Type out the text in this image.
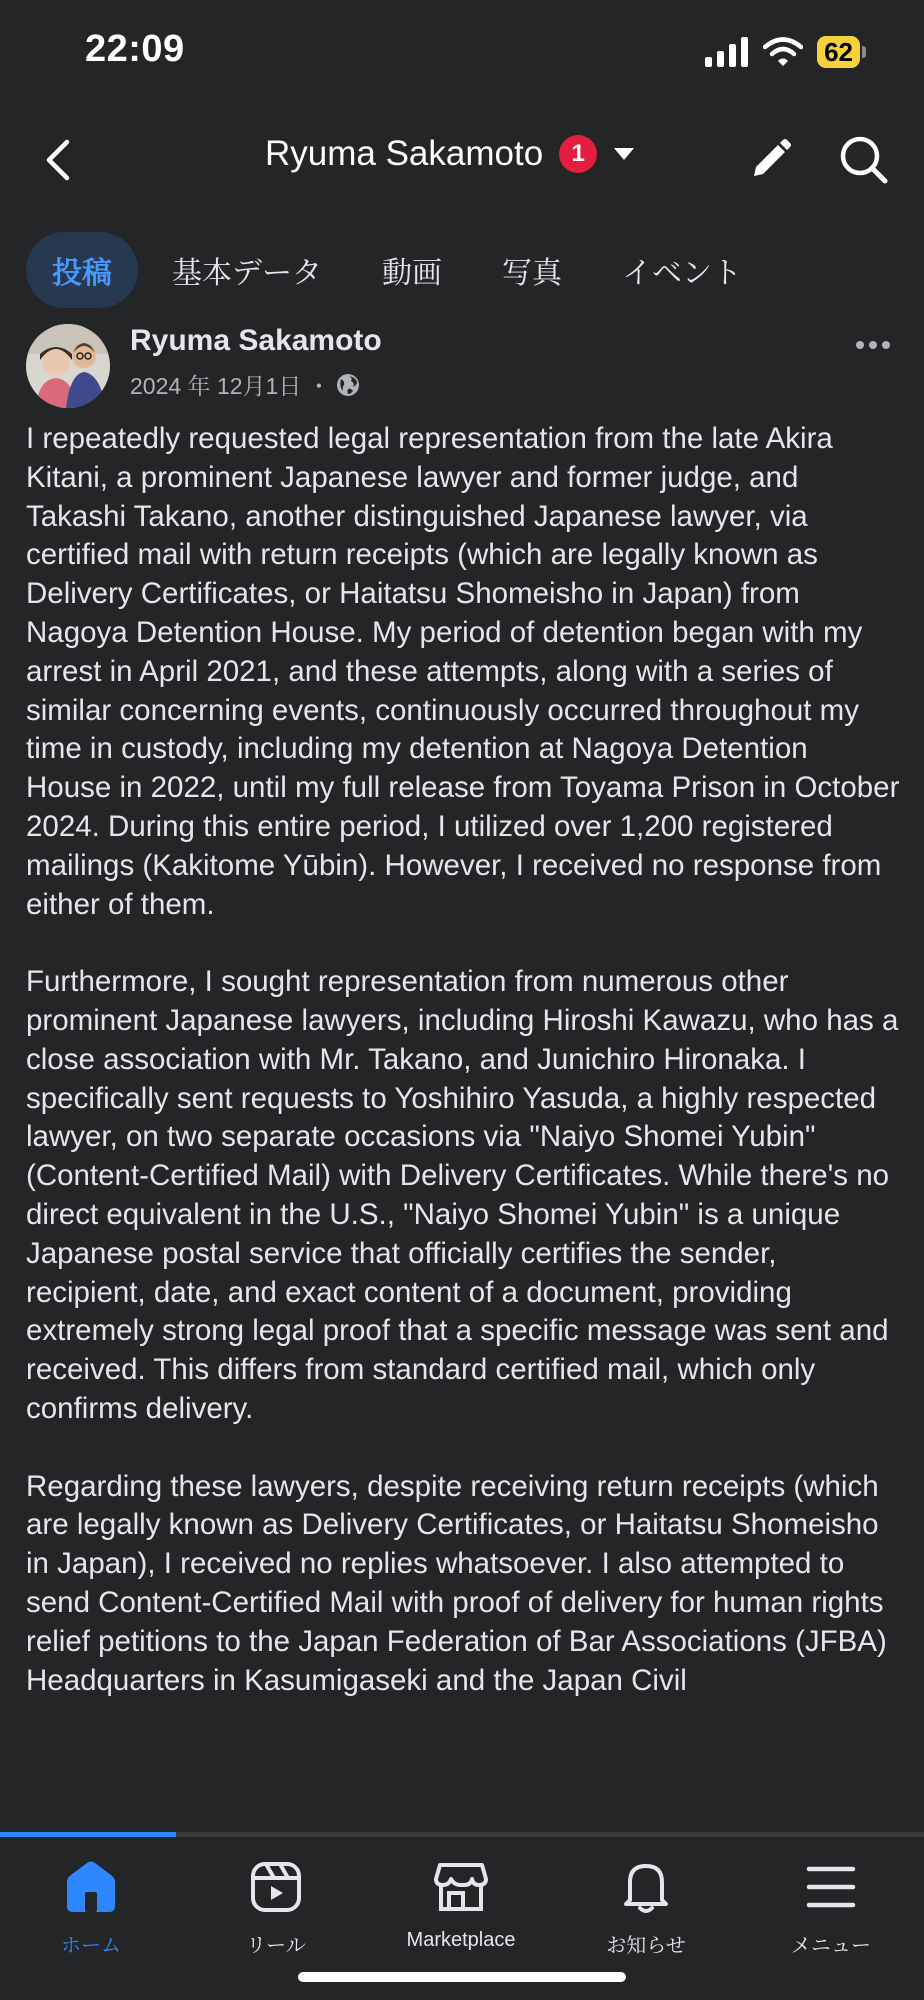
22:09	62
Ryuma Sakamoto	1
投稿	基本データ	動画	写真	イベント
Ryuma Sakamoto
2024 年 12月1日 ・

I repeatedly requested legal representation from the late Akira Kitani, a prominent Japanese lawyer and former judge, and Takashi Takano, another distinguished Japanese lawyer, via certified mail with return receipts (which are legally known as Delivery Certificates, or Haitatsu Shomeisho in Japan) from Nagoya Detention House. My period of detention began with my arrest in April 2021, and these attempts, along with a series of similar concerning events, continuously occurred throughout my time in custody, including my detention at Nagoya Detention House in 2022, until my full release from Toyama Prison in October 2024. During this entire period, I utilized over 1,200 registered mailings (Kakitome Yūbin). However, I received no response from either of them.

Furthermore, I sought representation from numerous other prominent Japanese lawyers, including Hiroshi Kawazu, who has a close association with Mr. Takano, and Junichiro Hironaka. I specifically sent requests to Yoshihiro Yasuda, a highly respected lawyer, on two separate occasions via "Naiyo Shomei Yubin" (Content-Certified Mail) with Delivery Certificates. While there's no direct equivalent in the U.S., "Naiyo Shomei Yubin" is a unique Japanese postal service that officially certifies the sender, recipient, date, and exact content of a document, providing extremely strong legal proof that a specific message was sent and received. This differs from standard certified mail, which only confirms delivery.

Regarding these lawyers, despite receiving return receipts (which are legally known as Delivery Certificates, or Haitatsu Shomeisho in Japan), I received no replies whatsoever. I also attempted to send Content-Certified Mail with proof of delivery for human rights relief petitions to the Japan Federation of Bar Associations (JFBA) Headquarters in Kasumigaseki and the Japan Civil

ホーム	リール	Marketplace	お知らせ	メニュー
